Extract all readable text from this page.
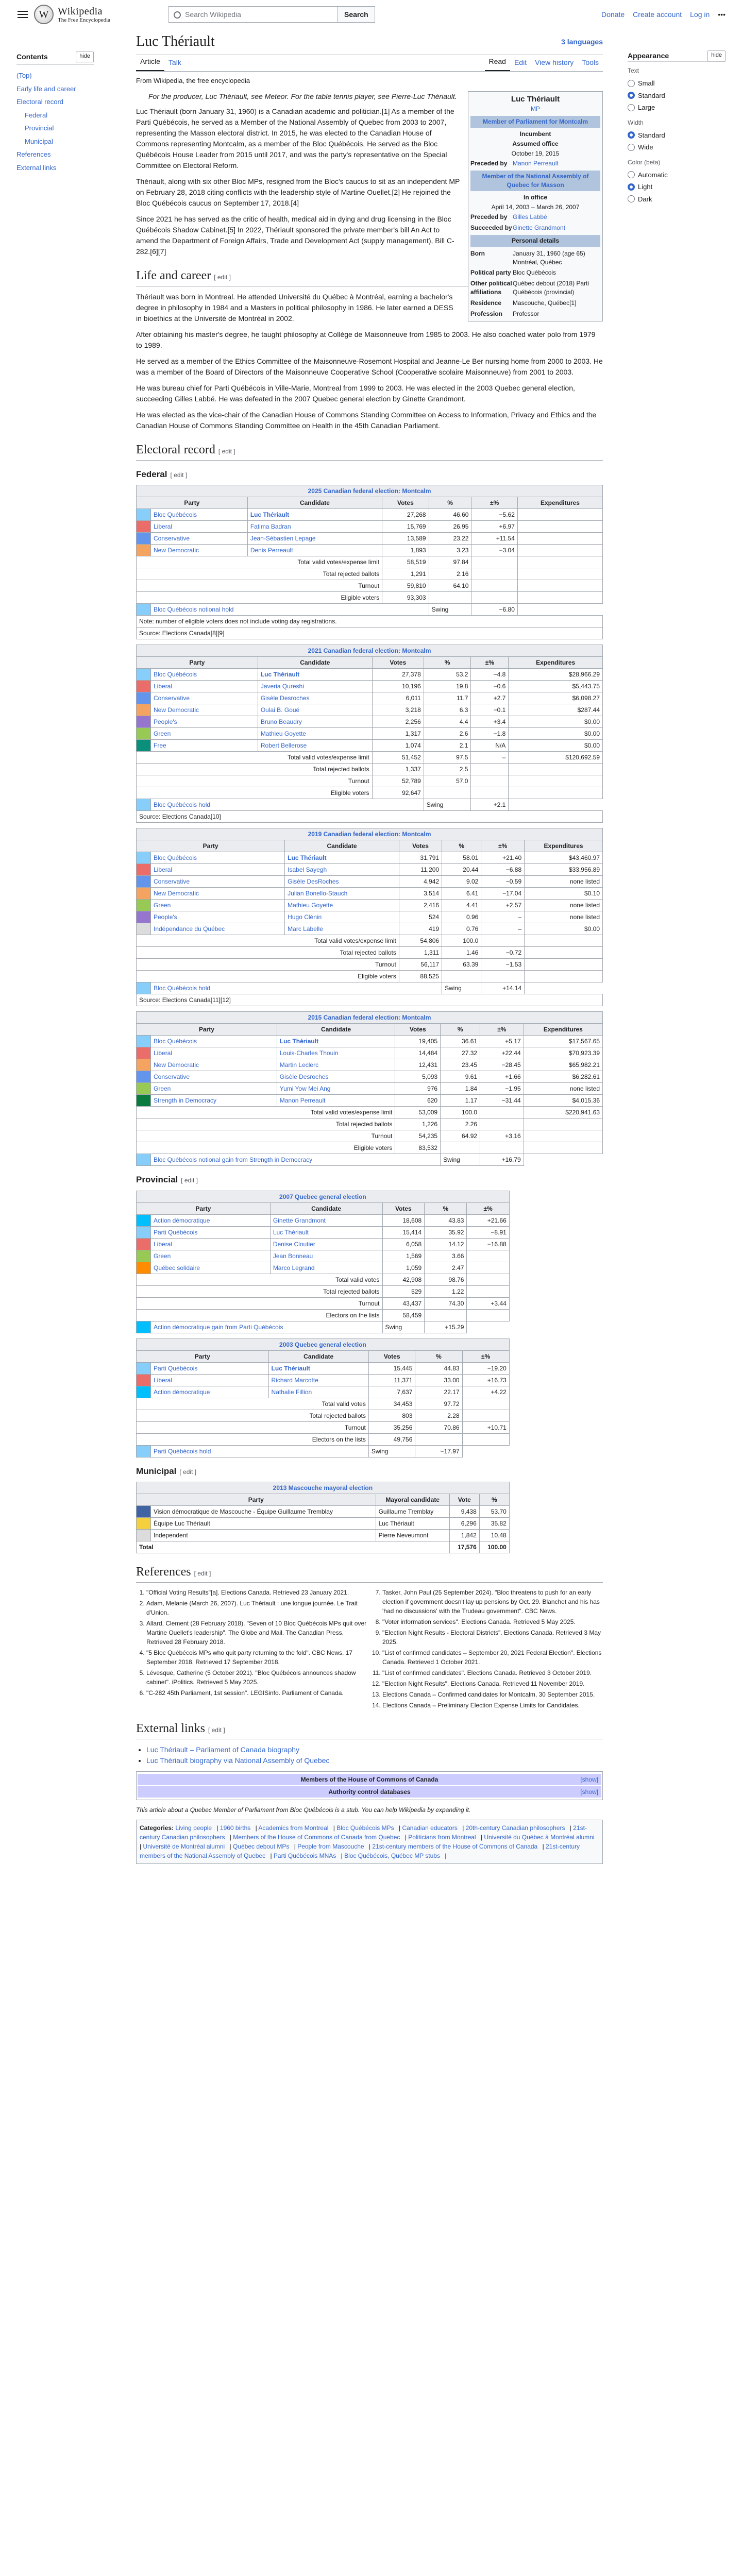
W Wikipedia
The Free Encyclopedia
Search Wikipedia	Search	Donate Create account Log in •••
Contents	hide
(Top)
Early life and career
Electoral record
Federal
Provincial
Municipal
References
External links
Appearance	hide
Text
Small
Standard
Large
Width
Standard
Wide
Color (beta)
Automatic
Light
Dark
Luc Thériault	3 languages
Article	Talk	Read	Edit	View history	Tools
From Wikipedia, the free encyclopedia
Luc Thériault
MP
Member of Parliament for Montcalm
Incumbent
Assumed office
October 19, 2015
Preceded by Manon Perreault
Member of the National Assembly of Quebec for Masson
In office
April 14, 2003 – March 26, 2007
Preceded by Gilles Labbé
Succeeded by Ginette Grandmont
Personal details
Born	January 31, 1960 (age 65) Montréal, Québec
Political party Bloc Québécois
Other political affiliations
Québec debout (2018) Parti Québécois (provincial)
Residence	Mascouche, Québec[1]
Profession	Professor
For the producer, Luc Thériault, see Meteor. For the table tennis player, see Pierre-Luc Thériault.

Luc Thériault (born January 31, 1960) is a Canadian academic and politician.[1] As a member of the Parti Québécois, he served as a Member of the National Assembly of Quebec from 2003 to 2007, representing the Masson electoral district. In 2015, he was elected to the Canadian House of Commons representing Montcalm, as a member of the Bloc Québécois. He served as the Bloc Québécois House Leader from 2015 until 2017, and was the party's representative on the Special Committee on Electoral Reform.

Thériault, along with six other Bloc MPs, resigned from the Bloc's caucus to sit as an independent MP on February 28, 2018 citing conflicts with the leadership style of Martine Ouellet.[2] He rejoined the Bloc Québécois caucus on September 17, 2018.[4]

Since 2021 he has served as the critic of health, medical aid in dying and drug licensing in the Bloc Québécois Shadow Cabinet.[5] In 2022, Thériault sponsored the private member's bill An Act to amend the Department of Foreign Affairs, Trade and Development Act (supply management), Bill C-282.[6][7]

Life and career [ edit ]

Thériault was born in Montreal. He attended Université du Québec à Montréal, earning a bachelor's degree in philosophy in 1984 and a Masters in political philosophy in 1986. He later earned a DESS in bioethics at the Université de Montréal in 2002.

After obtaining his master's degree, he taught philosophy at Collège de Maisonneuve from 1985 to 2003. He also coached water polo from 1979 to 1989.

He served as a member of the Ethics Committee of the Maisonneuve-Rosemont Hospital and Jeanne-Le Ber nursing home from 2000 to 2003. He was a member of the Board of Directors of the Maisonneuve Cooperative School (Cooperative scolaire Maisonneuve) from 2001 to 2003.

He was bureau chief for Parti Québécois in Ville-Marie, Montreal from 1999 to 2003. He was elected in the 2003 Quebec general election, succeeding Gilles Labbé. He was defeated in the 2007 Quebec general election by Ginette Grandmont.

He was elected as the vice-chair of the Canadian House of Commons Standing Committee on Access to Information, Privacy and Ethics and the Canadian House of Commons Standing Committee on Health in the 45th Canadian Parliament.

Electoral record [ edit ]
Federal [ edit ]
2025 Canadian federal election: Montcalm						
Party		Candidate	Votes	%	±%	Expenditures
	Bloc Québécois	Luc Thériault	27,268	46.60	−5.62	
	Liberal	Fatima Badran	15,769	26.95	+6.97	
	Conservative	Jean-Sébastien Lepage	13,589	23.22	+11.54	
	New Democratic	Denis Perreault	1,893	3.23	−3.04	
Total valid votes/expense limit			58,519	97.84		
Total rejected ballots			1,291	2.16		
Turnout			59,810	64.10		
Eligible voters			93,303			
	Bloc Québécois notional hold			Swing	−6.80	
Note: number of eligible voters does not include voting day registrations.						
Source: Elections Canada[8][9]						
2021 Canadian federal election: Montcalm						
Party		Candidate	Votes	%	±%	Expenditures
	Bloc Québécois	Luc Thériault	27,378	53.2	−4.8	$28,966.29
	Liberal	Javeria Qureshi	10,196	19.8	−0.6	$5,443.75
	Conservative	Gisèle Desroches	6,011	11.7	+2.7	$6,098.27
	New Democratic	Oulai B. Goué	3,218	6.3	−0.1	$287.44
	People's	Bruno Beaudry	2,256	4.4	+3.4	$0.00
	Green	Mathieu Goyette	1,317	2.6	−1.8	$0.00
	Free	Robert Bellerose	1,074	2.1	N/A	$0.00
Total valid votes/expense limit			51,452	97.5	–	$120,692.59
Total rejected ballots			1,337	2.5		
Turnout			52,789	57.0		
Eligible voters			92,647			
	Bloc Québécois hold			Swing	+2.1	
Source: Elections Canada[10]						
2019 Canadian federal election: Montcalm						
Party		Candidate	Votes	%	±%	Expenditures
	Bloc Québécois	Luc Thériault	31,791	58.01	+21.40	$43,460.97
	Liberal	Isabel Sayegh	11,200	20.44	−6.88	$33,956.89
	Conservative	Gisèle DesRoches	4,942	9.02	−0.59	none listed
	New Democratic	Julian Bonello-Stauch	3,514	6.41	−17.04	$0.10
	Green	Mathieu Goyette	2,416	4.41	+2.57	none listed
	People's	Hugo Clénin	524	0.96	–	none listed
	Indépendance du Québec	Marc Labelle	419	0.76	–	$0.00
Total valid votes/expense limit			54,806	100.0		
Total rejected ballots			1,311	1.46	−0.72	
Turnout			56,117	63.39	−1.53	
Eligible voters			88,525			
	Bloc Québécois hold			Swing	+14.14	
Source: Elections Canada[11][12]						
2015 Canadian federal election: Montcalm						
Party		Candidate	Votes	%	±%	Expenditures
	Bloc Québécois	Luc Thériault	19,405	36.61	+5.17	$17,567.65
	Liberal	Louis-Charles Thouin	14,484	27.32	+22.44	$70,923.39
	New Democratic	Martin Leclerc	12,431	23.45	−28.45	$65,982.21
	Conservative	Gisèle Desroches	5,093	9.61	+1.66	$6,282.61
	Green	Yumi Yow Mei Ang	976	1.84	−1.95	none listed
	Strength in Democracy	Manon Perreault	620	1.17	−31.44	$4,015.36
Total valid votes/expense limit			53,009	100.0		$220,941.63
Total rejected ballots			1,226	2.26		
Turnout			54,235	64.92	+3.16	
Eligible voters			83,532			
	Bloc Québécois notional gain from Strength in Democracy			Swing	+16.79	
Provincial [ edit ]
2007 Quebec general election					
Party		Candidate	Votes	%	±%
	Action démocratique	Ginette Grandmont	18,608	43.83	+21.66
	Parti Québécois	Luc Thériault	15,414	35.92	−8.91
	Liberal	Denise Cloutier	6,058	14.12	−16.88
	Green	Jean Bonneau	1,569	3.66	
	Québec solidaire	Marco Legrand	1,059	2.47	
Total valid votes			42,908	98.76	
Total rejected ballots			529	1.22	
Turnout			43,437	74.30	+3.44
Electors on the lists			58,459		
	Action démocratique gain from Parti Québécois		Swing	+15.29	
2003 Quebec general election					
Party		Candidate	Votes	%	±%
	Parti Québécois	Luc Thériault	15,445	44.83	−19.20
	Liberal	Richard Marcotte	11,371	33.00	+16.73
	Action démocratique	Nathalie Fillion	7,637	22.17	+4.22
Total valid votes			34,453	97.72	
Total rejected ballots			803	2.28	
Turnout			35,256	70.86	+10.71
Electors on the lists			49,756		
	Parti Québécois hold		Swing	−17.97	
Municipal [ edit ]
2013 Mascouche mayoral election				
Party		Mayoral candidate	Vote	%
	Vision démocratique de Mascouche - Équipe Guillaume Tremblay	Guillaume Tremblay	9,438	53.70
	Équipe Luc Thériault	Luc Thériault	6,296	35.82
	Independent	Pierre Neveumont	1,842	10.48
Total			17,576	100.00
References [ edit ]
1. "Official Voting Results"[a]. Elections Canada. Retrieved 23 January 2021.
2. Adam, Melanie (March 26, 2007). Luc Thériault : une longue journée. Le Trait d'Union.
3. Allard, Clement (28 February 2018). "Seven of 10 Bloc Québécois MPs quit over Martine Ouellet's leadership". The Globe and Mail. The Canadian Press. Retrieved 28 February 2018.
4. "5 Bloc Québécois MPs who quit party returning to the fold". CBC News. 17 September 2018. Retrieved 17 September 2018.
5. Lévesque, Catherine (5 October 2021). "Bloc Québécois announces shadow cabinet". iPolitics. Retrieved 5 May 2025.
6. "C-282 45th Parliament, 1st session". LEGISinfo. Parliament of Canada.
7. Tasker, John Paul (25 September 2024). "Bloc threatens to push for an early election if government doesn't lay up pensions by Oct. 29. Blanchet and his has 'had no discussions' with the Trudeau government". CBC News.
8. "Voter information services". Elections Canada. Retrieved 5 May 2025.
9. "Election Night Results - Electoral Districts". Elections Canada. Retrieved 3 May 2025.
10. "List of confirmed candidates – September 20, 2021 Federal Election". Elections Canada. Retrieved 1 October 2021.
11. "List of confirmed candidates". Elections Canada. Retrieved 3 October 2019.
12. "Election Night Results". Elections Canada. Retrieved 11 November 2019.
13. Elections Canada – Confirmed candidates for Montcalm, 30 September 2015.
14. Elections Canada – Preliminary Election Expense Limits for Candidates.
External links [ edit ]
• Luc Thériault – Parliament of Canada biography
• Luc Thériault biography via National Assembly of Quebec
Members of the House of Commons of Canada	[show]
Authority control databases	[show]
This article about a Quebec Member of Parliament from Bloc Québécois is a stub. You can help Wikipedia by expanding it.
Categories: Living people | 1960 births | Academics from Montreal | Bloc Québécois MPs | Canadian educators | 20th-century Canadian philosophers | 21st-century Canadian philosophers | Members of the House of Commons of Canada from Quebec | Politicians from Montreal | Université du Québec à Montréal alumni | Université de Montréal alumni | Québec debout MPs | People from Mascouche | 21st-century members of the House of Commons of Canada | 21st-century members of the National Assembly of Quebec | Parti Québécois MNAs | Bloc Québécois, Québec MP stubs |
